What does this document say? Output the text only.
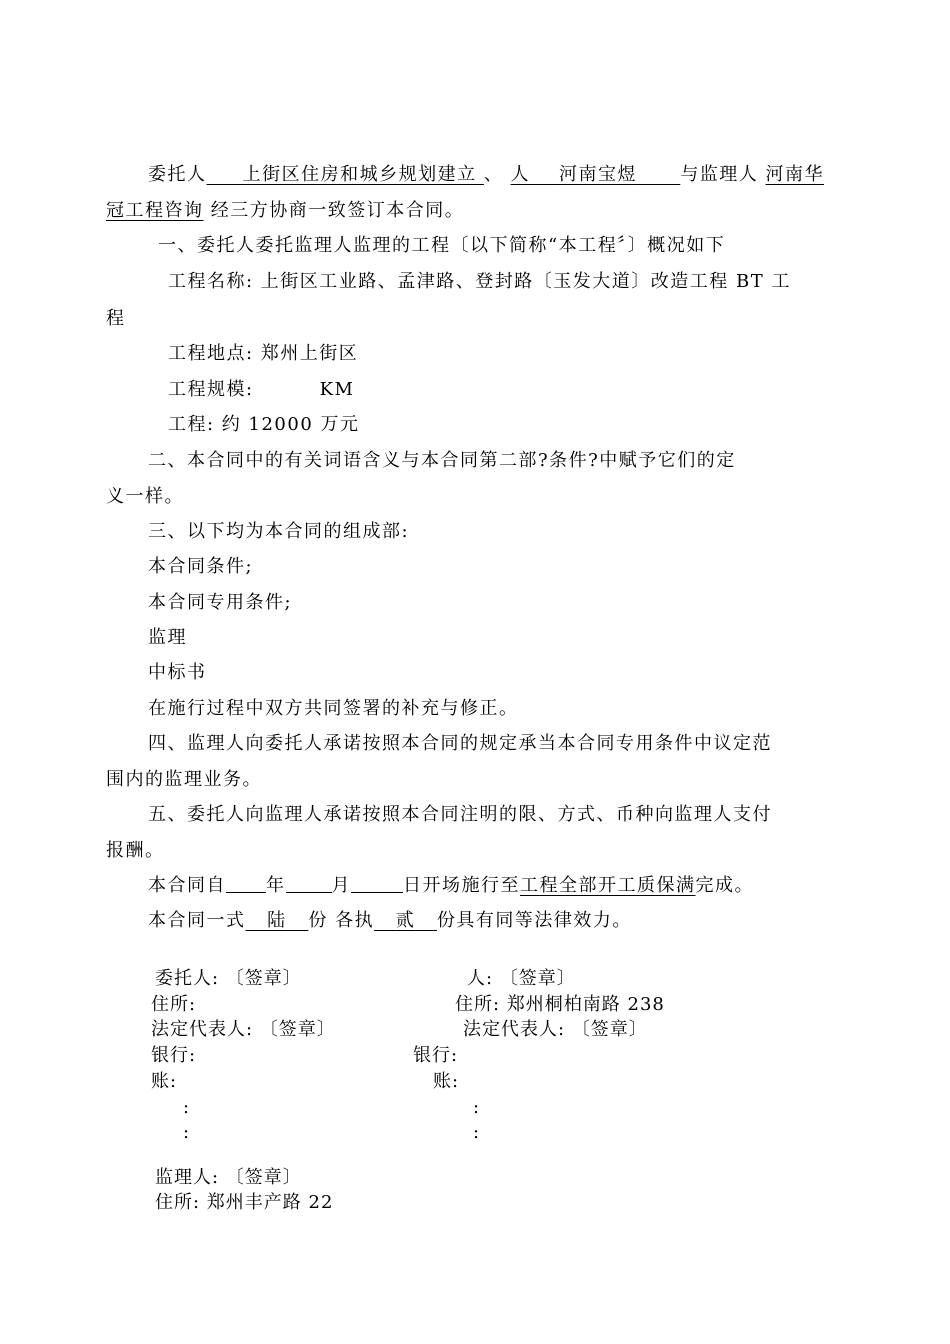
委托人 上街区住房和城乡规划建立 、 人 河南宝煜 与监理人 河南华
冠工程咨询 经三方协商一致签订本合同。
一、委托人委托监理人监理的工程〔以下简称“本工程〞〕概况如下
工程名称: 上街区工业路、孟津路、登封路〔玉发大道〕改造工程 BT 工
程
工程地点: 郑州上街区
工程规模:	KM
工程: 约 12000 万元
二、本合同中的有关词语含义与本合同第二部?条件?中赋予它们的定
义一样。
三、以下均为本合同的组成部:
本合同条件;
本合同专用条件;
监理
中标书
在施行过程中双方共同签署的补充与修正。
四、监理人向委托人承诺按照本合同的规定承当本合同专用条件中议定范
围内的监理业务。
五、委托人向监理人承诺按照本合同注明的限、方式、币种向监理人支付
报酬。
本合同自 年	月	日开场施行至工程全部开工质保满完成。
本合同一式 陆 份 各执 贰 份具有同等法律效力。
委托人: 〔签章〕
住所:
法定代表人: 〔签章〕
银行:
账:
:
:
人: 〔签章〕
住所: 郑州桐柏南路 238
法定代表人: 〔签章〕
银行:
账:
:
:
监理人: 〔签章〕
住所: 郑州丰产路 22
